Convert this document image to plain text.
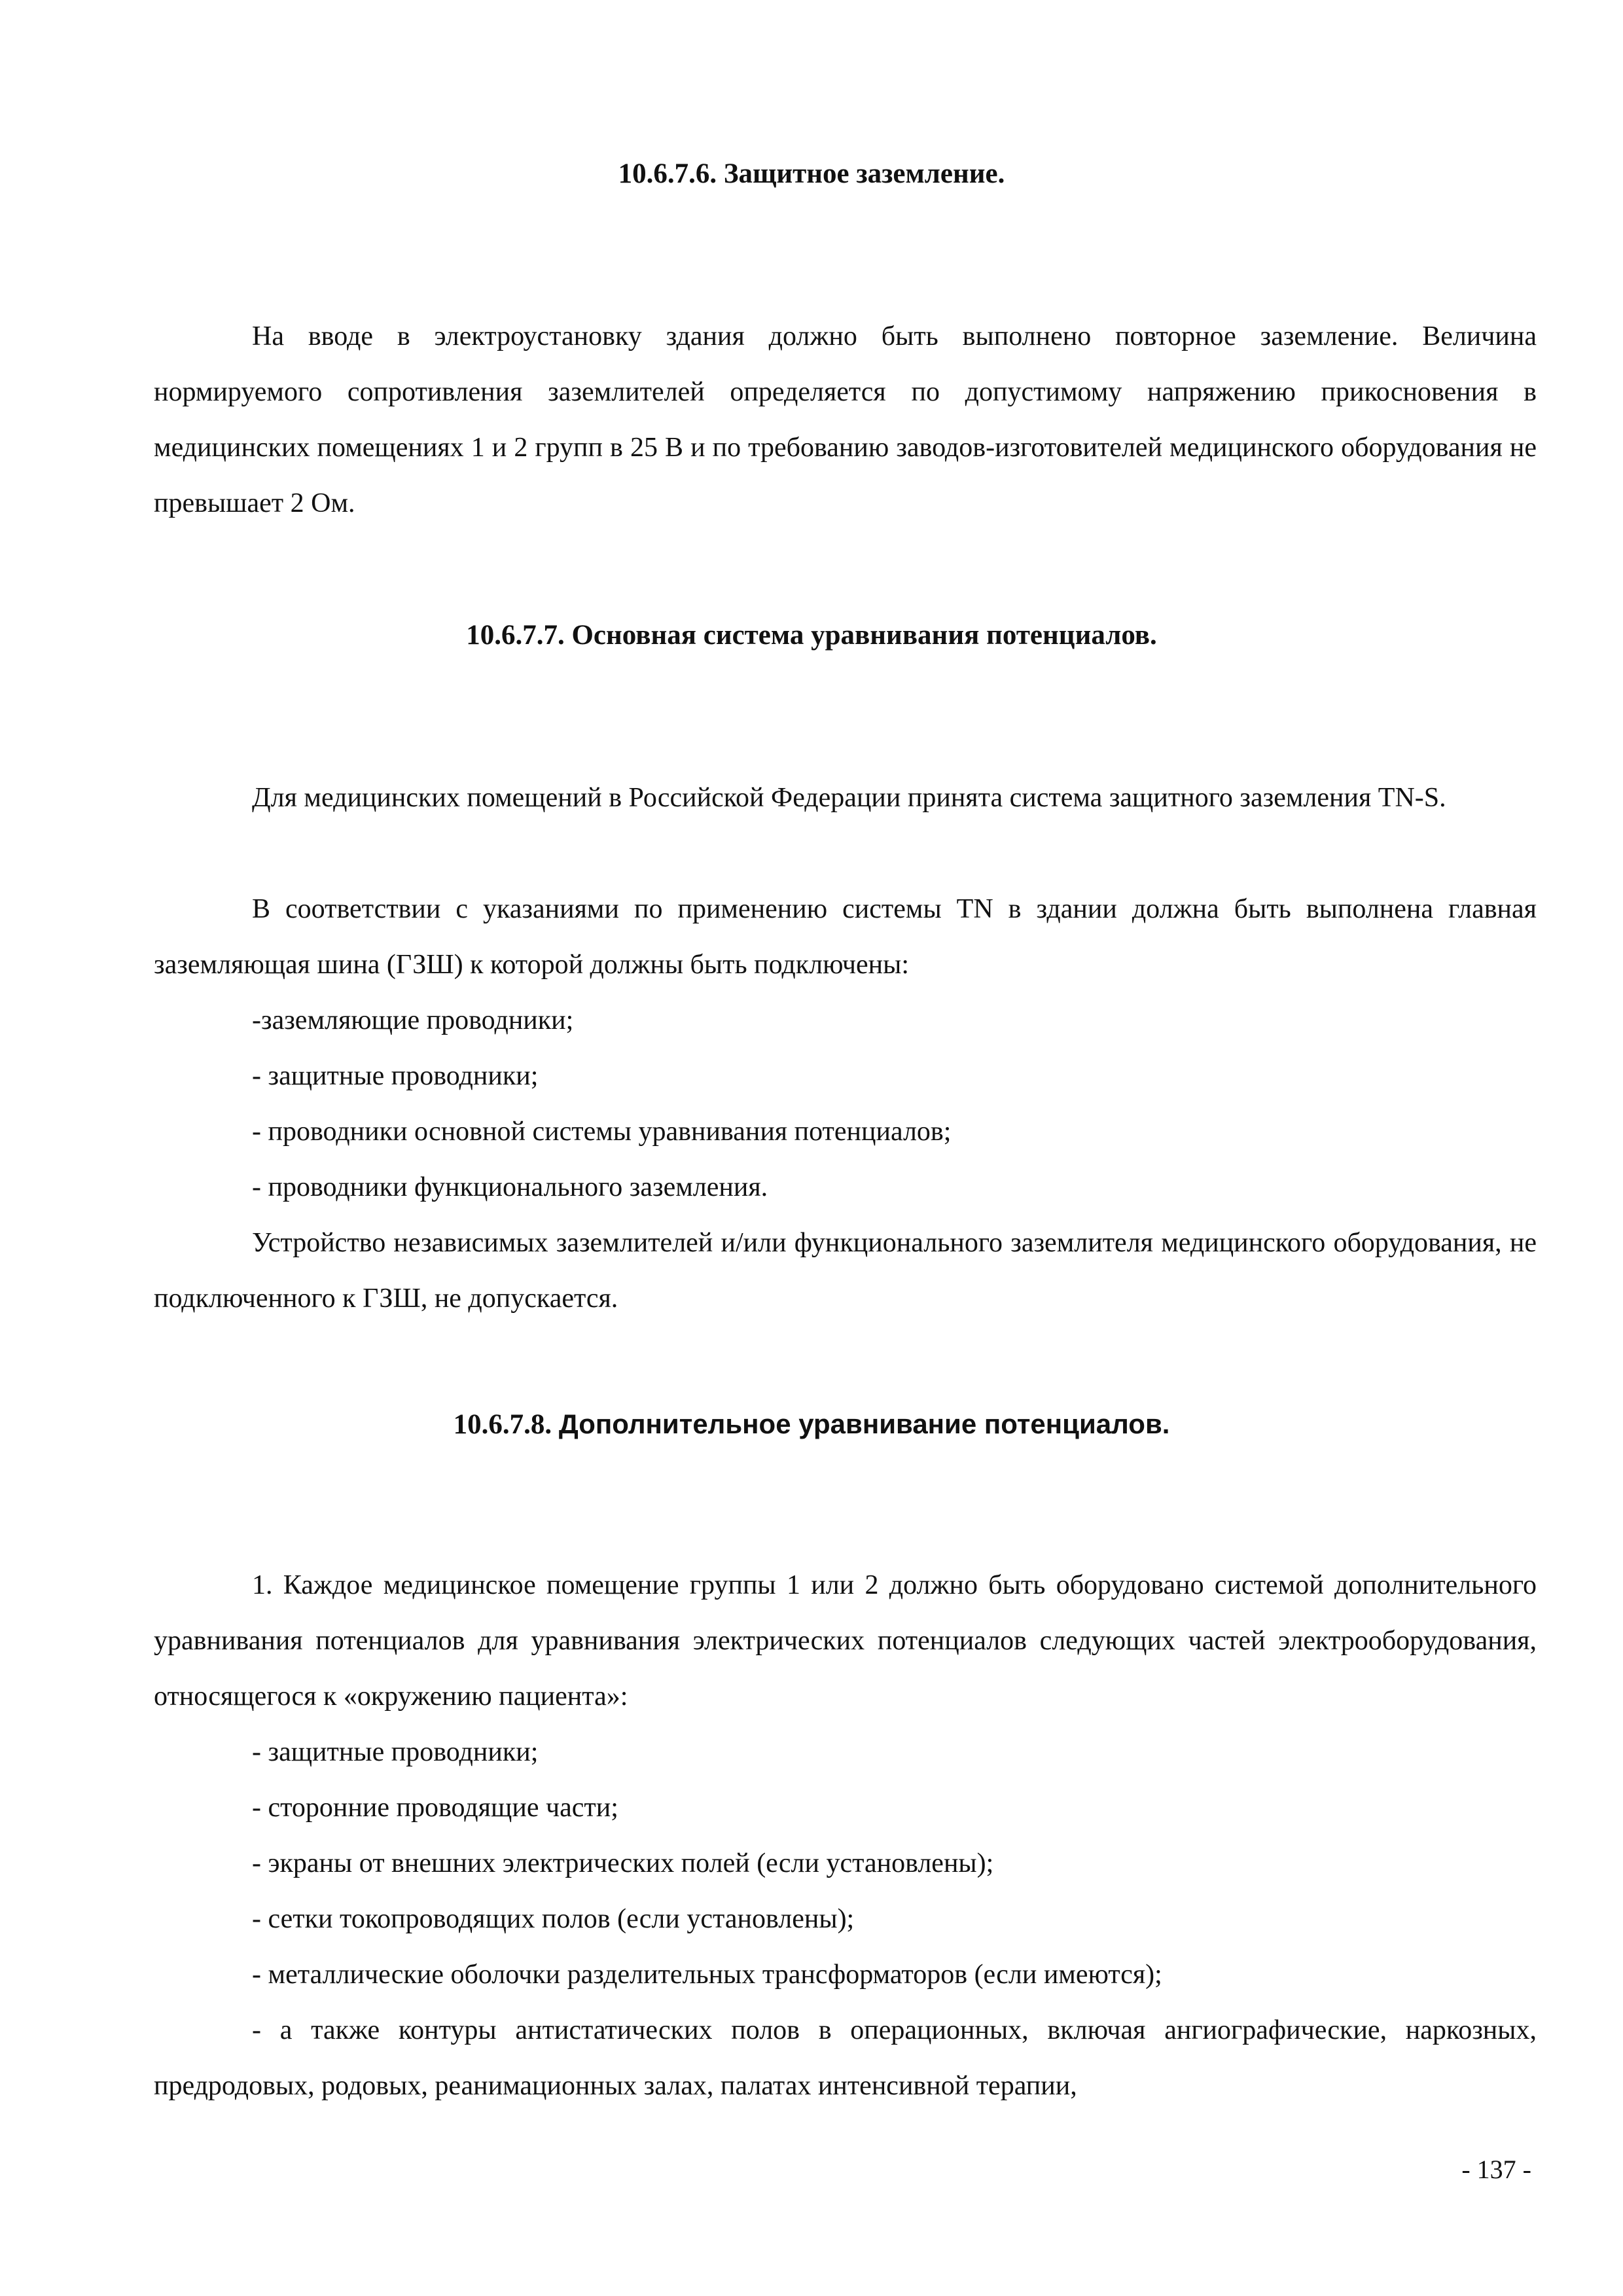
10.6.7.6. Защитное заземление.

На вводе в электроустановку здания должно быть выполнено повторное заземление. Величина нормируемого сопротивления заземлителей определяется по допустимому напряжению прикосновения в медицинских помещениях 1 и 2 групп в 25 В и по требованию заводов-изготовителей медицинского оборудования не превышает 2 Ом.

10.6.7.7. Основная система уравнивания потенциалов.

Для медицинских помещений в Российской Федерации принята система защитного заземления TN-S.

В соответствии с указаниями по применению системы TN в здании должна быть выполнена главная заземляющая шина (ГЗШ) к которой должны быть подключены:

-заземляющие проводники;

- защитные проводники;

- проводники основной системы уравнивания потенциалов;

- проводники функционального заземления.

Устройство независимых заземлителей и/или функционального заземлителя медицинского оборудования, не подключенного к ГЗШ, не допускается.

10.6.7.8. Дополнительное уравнивание потенциалов.

1. Каждое медицинское помещение группы 1 или 2 должно быть оборудовано системой дополнительного уравнивания потенциалов для уравнивания электрических потенциалов следующих частей электрооборудования, относящегося к «окружению пациента»:

- защитные проводники;

- сторонние проводящие части;

- экраны от внешних электрических полей (если установлены);

- сетки токопроводящих полов (если установлены);

- металлические оболочки разделительных трансформаторов (если имеются);

- а также контуры антистатических полов в операционных, включая ангиографические, наркозных, предродовых, родовых, реанимационных залах, палатах интенсивной терапии,

- 137 -
